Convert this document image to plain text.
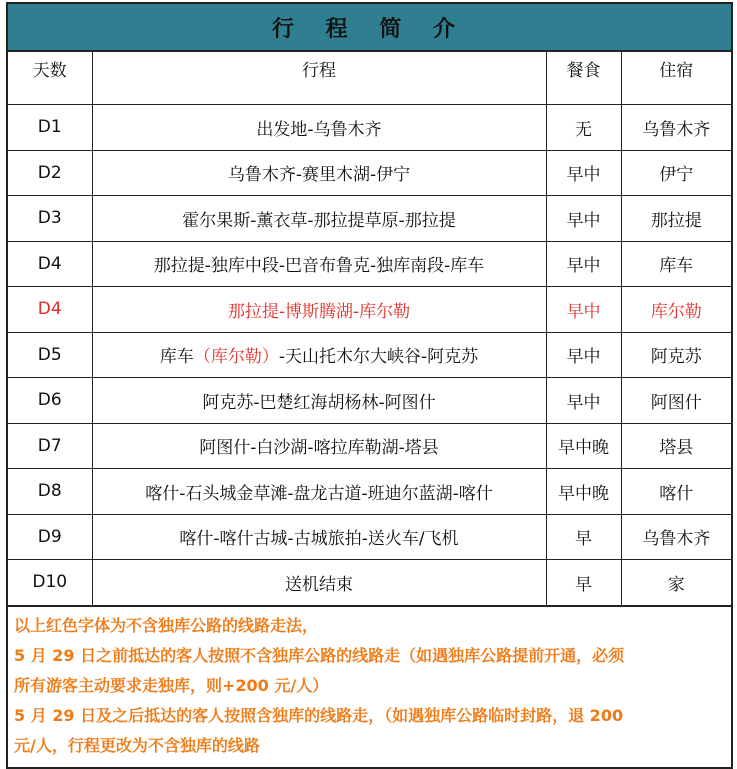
行 程 简 介
天数	行程	餐食	住宿
D1	出发地-乌鲁木齐	无	乌鲁木齐
D2	乌鲁木齐-赛里木湖-伊宁	早中	伊宁
D3	霍尔果斯-薰衣草-那拉提草原-那拉提	早中	那拉提
D4	那拉提-独库中段-巴音布鲁克-独库南段-库车	早中	库车
D4	那拉提-博斯腾湖-库尔勒	早中	库尔勒
D5	库车（库尔勒）-天山托木尔大峡谷-阿克苏	早中	阿克苏
D6	阿克苏-巴楚红海胡杨林-阿图什	早中	阿图什
D7	阿图什-白沙湖-喀拉库勒湖-塔县	早中晚	塔县
D8	喀什-石头城金草滩-盘龙古道-班迪尔蓝湖-喀什	早中晚	喀什
D9	喀什-喀什古城-古城旅拍-送火车/飞机	早	乌鲁木齐
D10	送机结束	早	家
以上红色字体为不含独库公路的线路走法，
5 月 29 日之前抵达的客人按照不含独库公路的线路走（如遇独库公路提前开通，必须
所有游客主动要求走独库，则+200 元/人）
5 月 29 日及之后抵达的客人按照含独库的线路走，（如遇独库公路临时封路，退 200
元/人，行程更改为不含独库的线路
